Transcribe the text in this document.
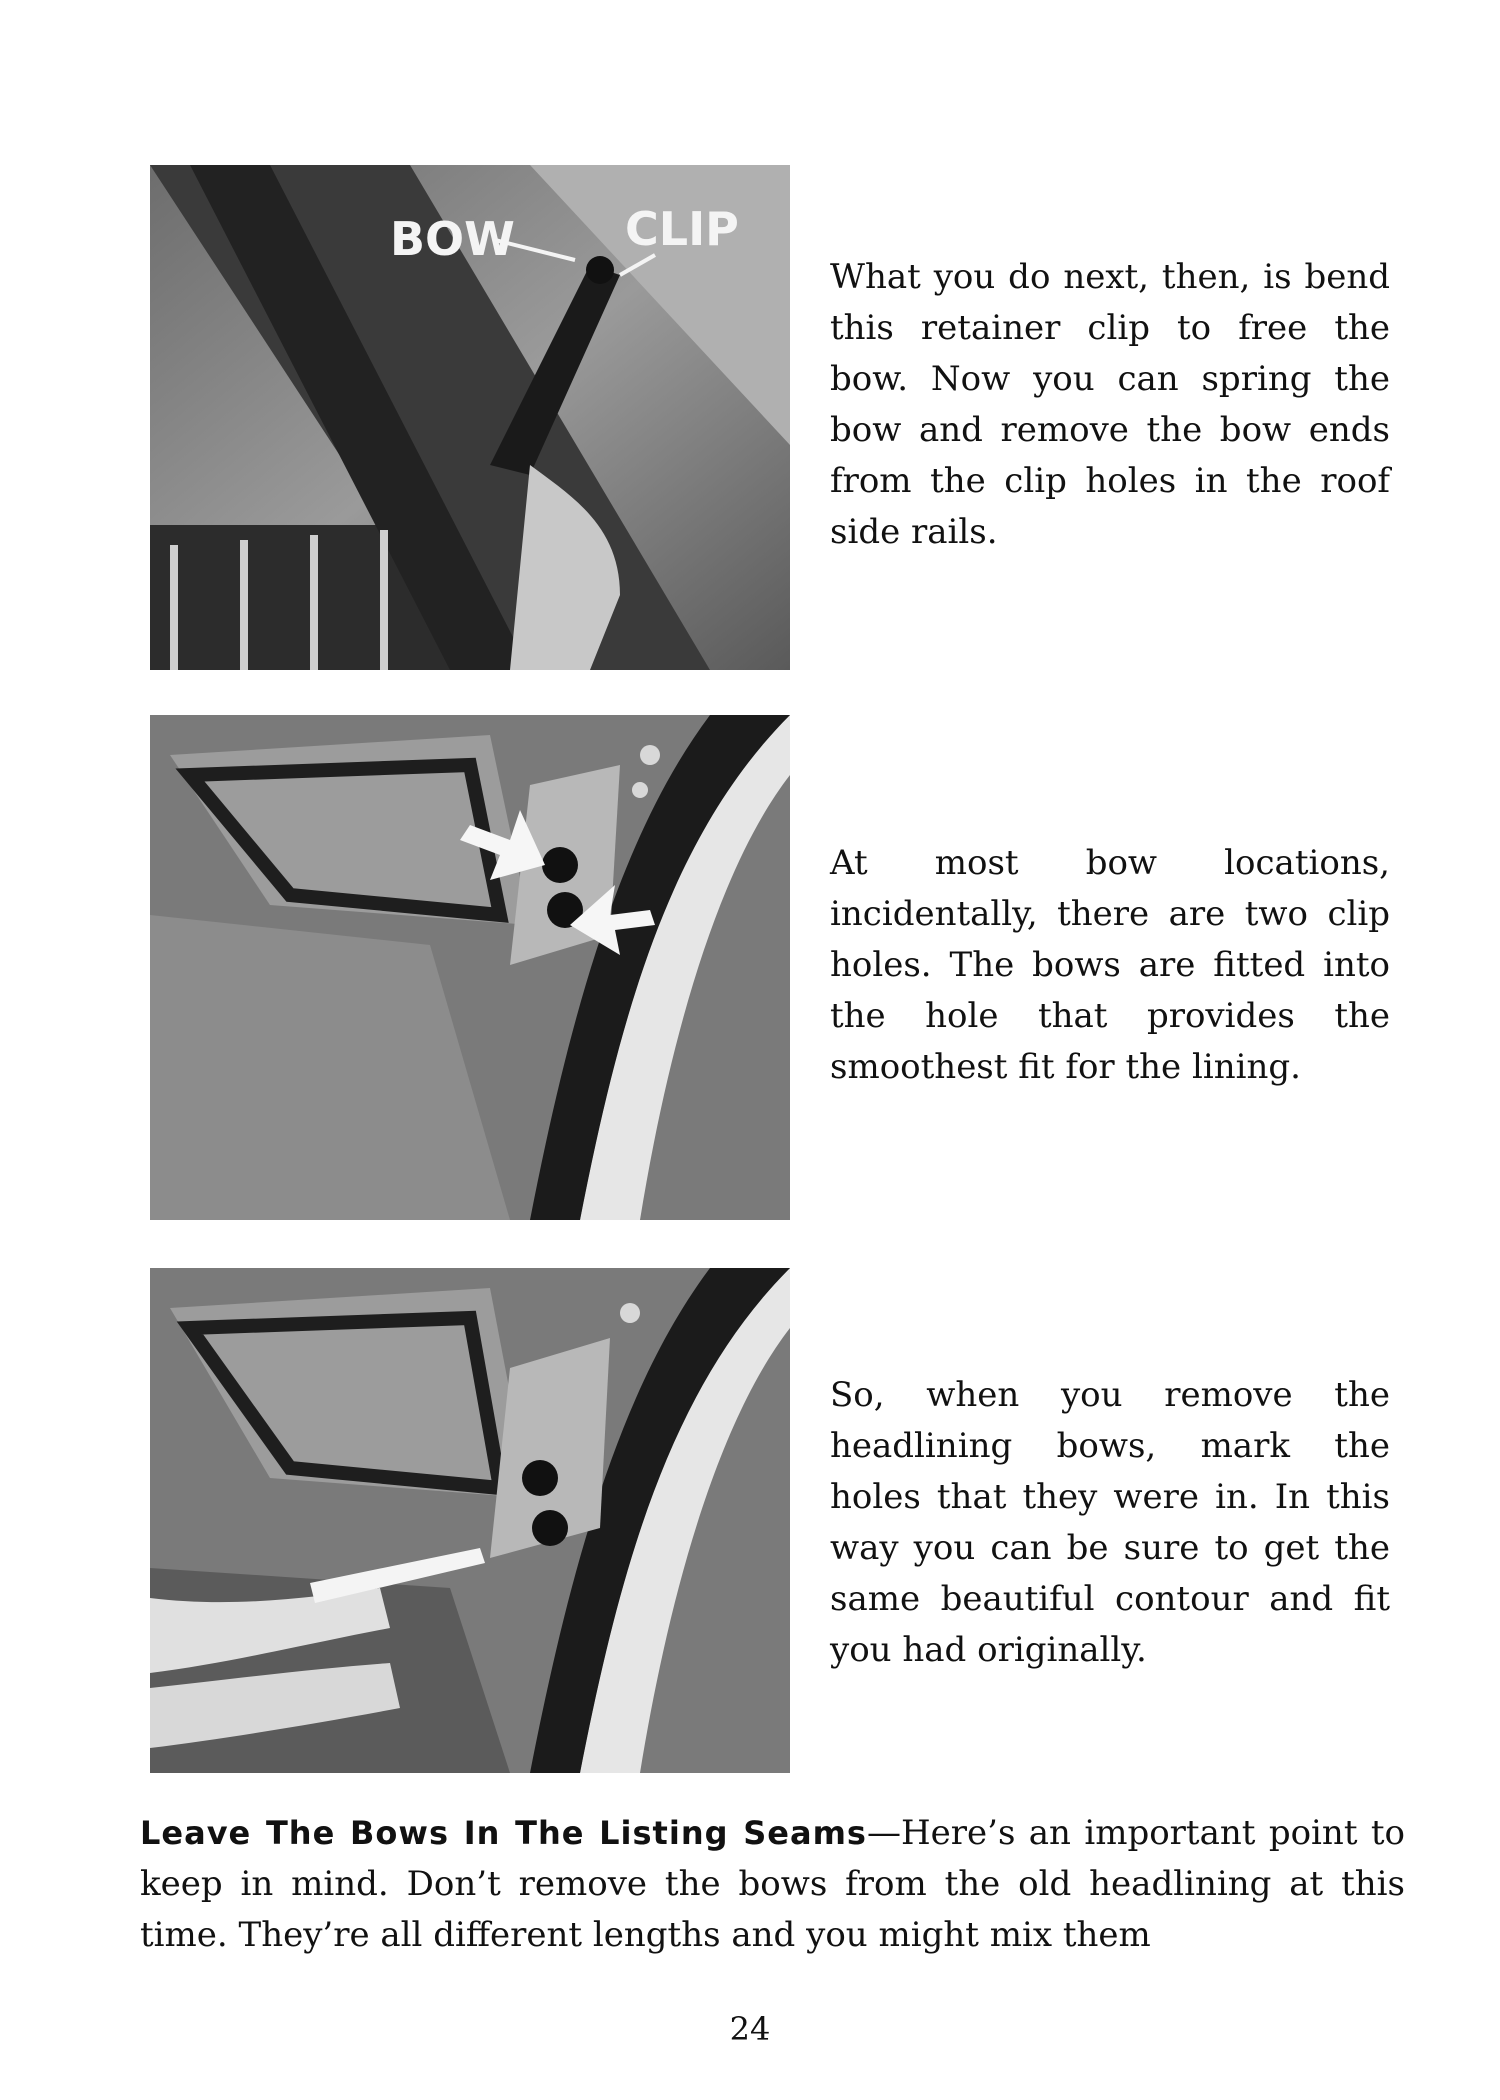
BOW CLIP
What you do next, then, is bend this retainer clip to free the bow. Now you can spring the bow and remove the bow ends from the clip holes in the roof side rails.
At most bow locations, incidentally, there are two clip holes. The bows are fitted into the hole that provides the smoothest fit for the lining.
So, when you remove the headlining bows, mark the holes that they were in. In this way you can be sure to get the same beautiful contour and fit you had originally.
Leave The Bows In The Listing Seams—Here’s an important point to keep in mind. Don’t remove the bows from the old headlining at this time. They’re all different lengths and you might mix them
24
